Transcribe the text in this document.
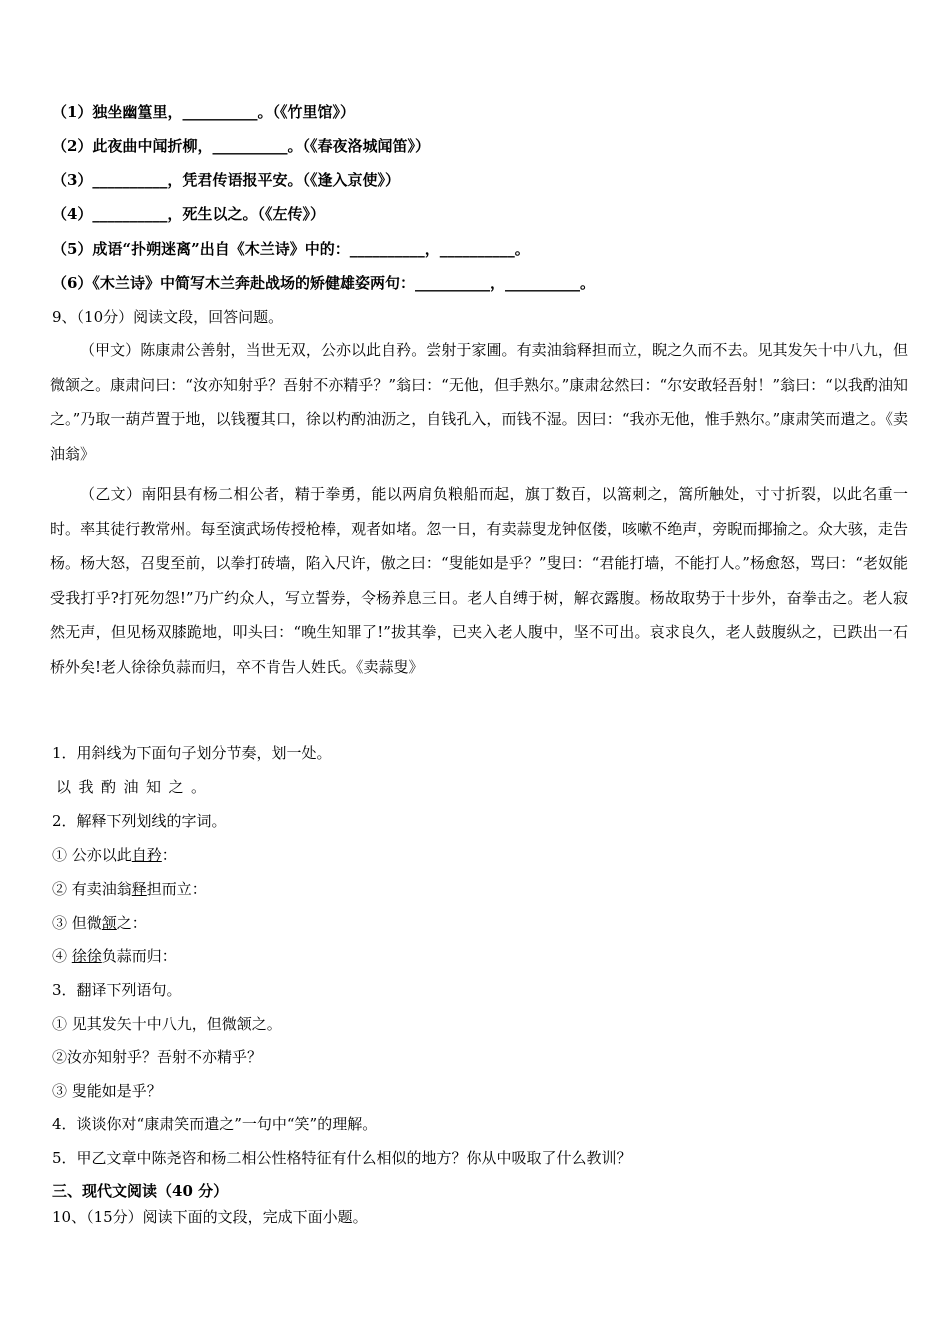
（1）独坐幽篁里，__________。（《竹里馆》）
（2）此夜曲中闻折柳，__________。（《春夜洛城闻笛》）
（3）__________，凭君传语报平安。（《逢入京使》）
（4）__________，死生以之。（《左传》）
（5）成语“扑朔迷离”出自《木兰诗》中的：__________，__________。
（6）《木兰诗》中简写木兰奔赴战场的矫健雄姿两句：__________，__________。
9、（10分）阅读文段，回答问题。
（甲文）陈康肃公善射，当世无双，公亦以此自矜。尝射于家圃。有卖油翁释担而立，睨之久而不去。见其发矢十中八九，但微颔之。康肃问曰：“汝亦知射乎？吾射不亦精乎？”翁曰：“无他，但手熟尔。”康肃忿然曰：“尔安敢轻吾射！”翁曰：“以我酌油知之。”乃取一葫芦置于地，以钱覆其口，徐以杓酌油沥之，自钱孔入，而钱不湿。因曰：“我亦无他，惟手熟尔。”康肃笑而遣之。《卖油翁》
（乙文）南阳县有杨二相公者，精于拳勇，能以两肩负粮船而起，旗丁数百，以篙刺之，篙所触处，寸寸折裂，以此名重一时。率其徒行教常州。每至演武场传授枪棒，观者如堵。忽一日，有卖蒜叟龙钟伛偻，咳嗽不绝声，旁睨而揶揄之。众大骇，走告杨。杨大怒，召叟至前，以拳打砖墙，陷入尺许，傲之曰：“叟能如是乎？”叟曰：“君能打墙，不能打人。”杨愈怒，骂曰：“老奴能受我打乎?打死勿怨!”乃广约众人，写立誓券，令杨养息三日。老人自缚于树，解衣露腹。杨故取势于十步外，奋拳击之。老人寂然无声，但见杨双膝跪地，叩头曰：“晚生知罪了!”拔其拳，已夹入老人腹中，坚不可出。哀求良久，老人鼓腹纵之，已跌出一石桥外矣!老人徐徐负蒜而归，卒不肯告人姓氏。《卖蒜叟》
1．用斜线为下面句子划分节奏，划一处。
以我酌油知之。
2．解释下列划线的字词。
① 公亦以此自矜：
② 有卖油翁释担而立：
③ 但微颔之：
④ 徐徐负蒜而归：
3．翻译下列语句。
① 见其发矢十中八九，但微颔之。
②汝亦知射乎？吾射不亦精乎？
③ 叟能如是乎？
4．谈谈你对“康肃笑而遣之”一句中“笑”的理解。
5．甲乙文章中陈尧咨和杨二相公性格特征有什么相似的地方？你从中吸取了什么教训？
三、现代文阅读（40 分）
10、（15分）阅读下面的文段，完成下面小题。
